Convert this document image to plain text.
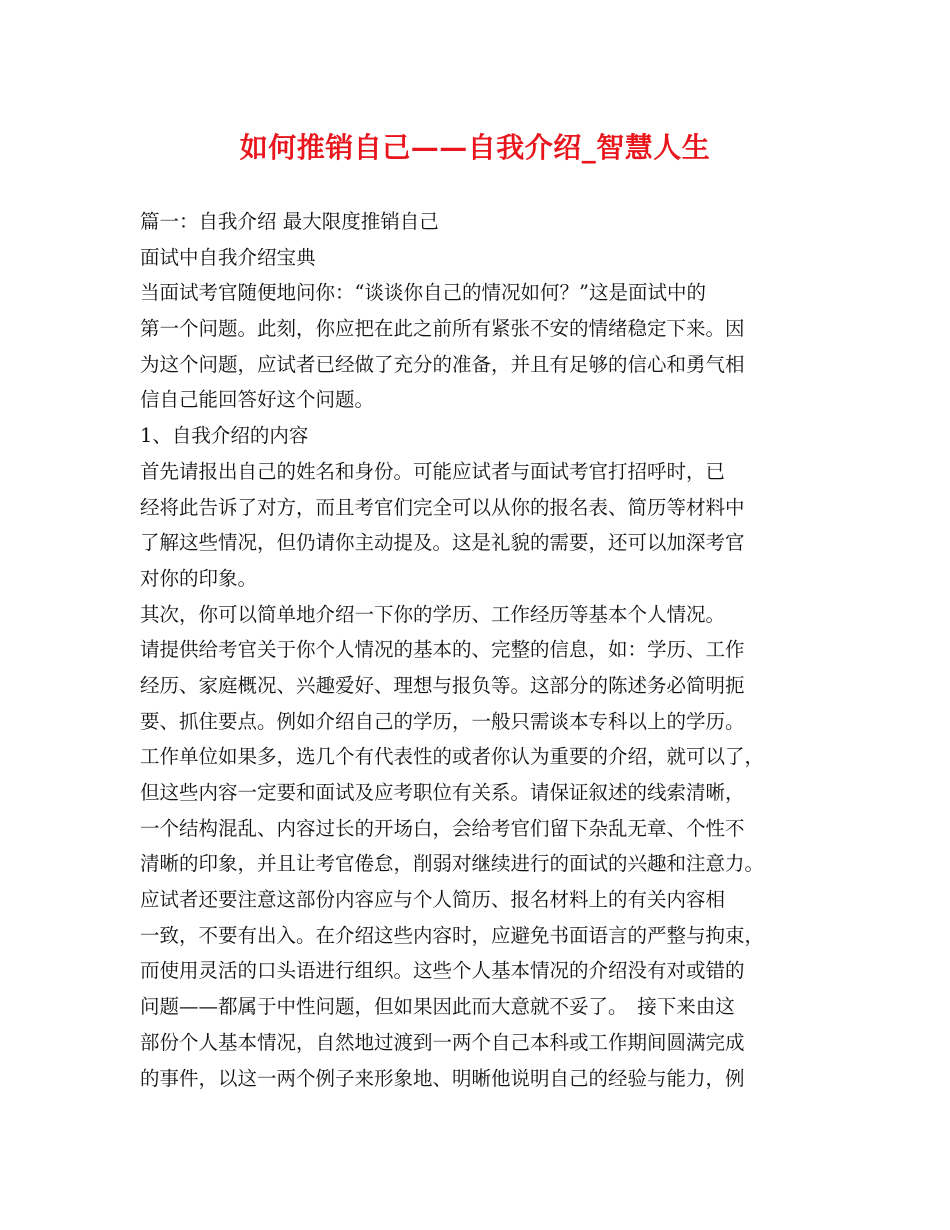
如何推销自己——自我介绍_智慧人生
篇一：自我介绍 最大限度推销自己
面试中自我介绍宝典
当面试考官随便地问你：“谈谈你自己的情况如何？”这是面试中的
第一个问题。此刻，你应把在此之前所有紧张不安的情绪稳定下来。因
为这个问题，应试者已经做了充分的准备，并且有足够的信心和勇气相
信自己能回答好这个问题。
1、自我介绍的内容
首先请报出自己的姓名和身份。可能应试者与面试考官打招呼时，已
经将此告诉了对方，而且考官们完全可以从你的报名表、简历等材料中
了解这些情况，但仍请你主动提及。这是礼貌的需要，还可以加深考官
对你的印象。
其次，你可以简单地介绍一下你的学历、工作经历等基本个人情况。
请提供给考官关于你个人情况的基本的、完整的信息，如：学历、工作
经历、家庭概况、兴趣爱好、理想与报负等。这部分的陈述务必简明扼
要、抓住要点。例如介绍自己的学历，一般只需谈本专科以上的学历。
工作单位如果多，选几个有代表性的或者你认为重要的介绍，就可以了，
但这些内容一定要和面试及应考职位有关系。请保证叙述的线索清晰，
一个结构混乱、内容过长的开场白，会给考官们留下杂乱无章、个性不
清晰的印象，并且让考官倦怠，削弱对继续进行的面试的兴趣和注意力。
应试者还要注意这部份内容应与个人简历、报名材料上的有关内容相
一致，不要有出入。在介绍这些内容时，应避免书面语言的严整与拘束，
而使用灵活的口头语进行组织。这些个人基本情况的介绍没有对或错的
问题——都属于中性问题，但如果因此而大意就不妥了。　接下来由这
部份个人基本情况，自然地过渡到一两个自己本科或工作期间圆满完成
的事件，以这一两个例子来形象地、明晰他说明自己的经验与能力，例
